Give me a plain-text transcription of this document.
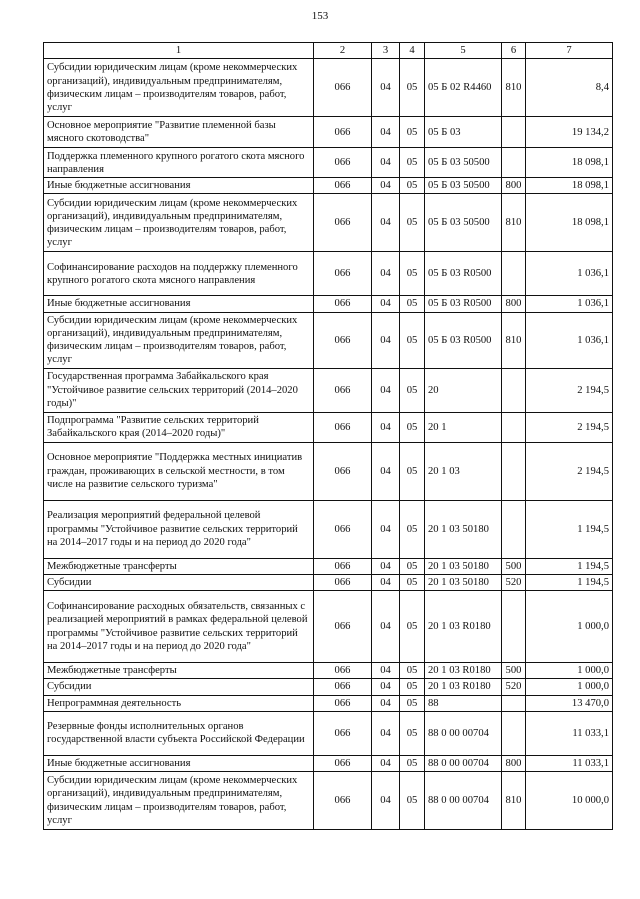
153
1	2	3	4	5	6	7
Субсидии юридическим лицам (кроме некоммерческих организаций), индивидуальным предпринимателям, физическим лицам – производителям товаров, работ, услуг	066	04	05	05 Б 02 R4460	810	8,4
Основное мероприятие "Развитие племенной базы мясного скотоводства"	066	04	05	05 Б 03		19 134,2
Поддержка племенного крупного рогатого скота мясного направления	066	04	05	05 Б 03 50500		18 098,1
Иные бюджетные ассигнования	066	04	05	05 Б 03 50500	800	18 098,1
Субсидии юридическим лицам (кроме некоммерческих организаций), индивидуальным предпринимателям, физическим лицам – производителям товаров, работ, услуг	066	04	05	05 Б 03 50500	810	18 098,1
Софинансирование расходов на поддержку племенного крупного рогатого скота мясного направления	066	04	05	05 Б 03 R0500		1 036,1
Иные бюджетные ассигнования	066	04	05	05 Б 03 R0500	800	1 036,1
Субсидии юридическим лицам (кроме некоммерческих организаций), индивидуальным предпринимателям, физическим лицам – производителям товаров, работ, услуг	066	04	05	05 Б 03 R0500	810	1 036,1
Государственная программа Забайкальского края "Устойчивое развитие сельских территорий (2014–2020 годы)"	066	04	05	20		2 194,5
Подпрограмма "Развитие сельских территорий Забайкальского края (2014–2020 годы)"	066	04	05	20 1		2 194,5
Основное мероприятие "Поддержка местных инициатив граждан, проживающих в сельской местности, в том числе на развитие сельского туризма"	066	04	05	20 1 03		2 194,5
Реализация мероприятий федеральной целевой программы "Устойчивое развитие сельских территорий на 2014–2017 годы и на период до 2020 года"	066	04	05	20 1 03 50180		1 194,5
Межбюджетные трансферты	066	04	05	20 1 03 50180	500	1 194,5
Субсидии	066	04	05	20 1 03 50180	520	1 194,5
Софинансирование расходных обязательств, связанных с реализацией мероприятий в рамках федеральной целевой программы "Устойчивое развитие сельских территорий на 2014–2017 годы и на период до 2020 года"	066	04	05	20 1 03 R0180		1 000,0
Межбюджетные трансферты	066	04	05	20 1 03 R0180	500	1 000,0
Субсидии	066	04	05	20 1 03 R0180	520	1 000,0
Непрограммная деятельность	066	04	05	88		13 470,0
Резервные фонды исполнительных органов государственной власти субъекта Российской Федерации	066	04	05	88 0 00 00704		11 033,1
Иные бюджетные ассигнования	066	04	05	88 0 00 00704	800	11 033,1
Субсидии юридическим лицам (кроме некоммерческих организаций), индивидуальным предпринимателям, физическим лицам – производителям товаров, работ, услуг	066	04	05	88 0 00 00704	810	10 000,0
